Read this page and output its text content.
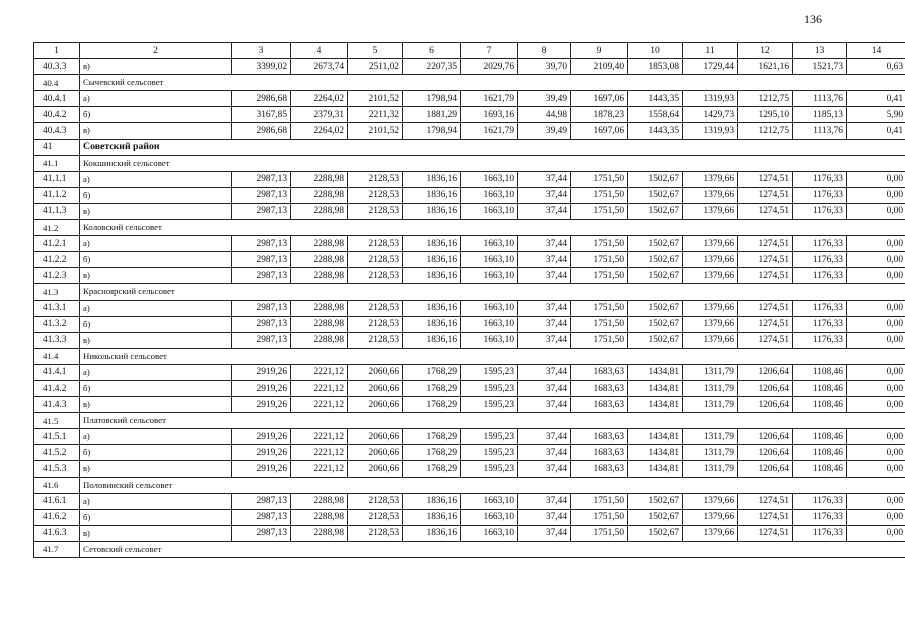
136
1	2	3	4	5	6	7	8	9	10	11	12	13	14
40.3.3	в)	3399,02	2673,74	2511,02	2207,35	2029,76	39,70	2109,40	1853,08	1729,44	1621,16	1521,73	0,63
40.4	Сычевский сельсовет												
40.4.1	а)	2986,68	2264,02	2101,52	1798,94	1621,79	39,49	1697,06	1443,35	1319,93	1212,75	1113,76	0,41
40.4.2	б)	3167,85	2379,31	2211,32	1881,29	1693,16	44,98	1878,23	1558,64	1429,73	1295,10	1185,13	5,90
40.4.3	в)	2986,68	2264,02	2101,52	1798,94	1621,79	39,49	1697,06	1443,35	1319,93	1212,75	1113,76	0,41
41	Советский район												
41.1	Кокшинский сельсовет												
41.1.1	а)	2987,13	2288,98	2128,53	1836,16	1663,10	37,44	1751,50	1502,67	1379,66	1274,51	1176,33	0,00
41.1.2	б)	2987,13	2288,98	2128,53	1836,16	1663,10	37,44	1751,50	1502,67	1379,66	1274,51	1176,33	0,00
41.1.3	в)	2987,13	2288,98	2128,53	1836,16	1663,10	37,44	1751,50	1502,67	1379,66	1274,51	1176,33	0,00
41.2	Коловский сельсовет												
41.2.1	а)	2987,13	2288,98	2128,53	1836,16	1663,10	37,44	1751,50	1502,67	1379,66	1274,51	1176,33	0,00
41.2.2	б)	2987,13	2288,98	2128,53	1836,16	1663,10	37,44	1751,50	1502,67	1379,66	1274,51	1176,33	0,00
41.2.3	в)	2987,13	2288,98	2128,53	1836,16	1663,10	37,44	1751,50	1502,67	1379,66	1274,51	1176,33	0,00
41.3	Красноярский сельсовет												
41.3.1	а)	2987,13	2288,98	2128,53	1836,16	1663,10	37,44	1751,50	1502,67	1379,66	1274,51	1176,33	0,00
41.3.2	б)	2987,13	2288,98	2128,53	1836,16	1663,10	37,44	1751,50	1502,67	1379,66	1274,51	1176,33	0,00
41.3.3	в)	2987,13	2288,98	2128,53	1836,16	1663,10	37,44	1751,50	1502,67	1379,66	1274,51	1176,33	0,00
41.4	Никольский сельсовет												
41.4.1	а)	2919,26	2221,12	2060,66	1768,29	1595,23	37,44	1683,63	1434,81	1311,79	1206,64	1108,46	0,00
41.4.2	б)	2919,26	2221,12	2060,66	1768,29	1595,23	37,44	1683,63	1434,81	1311,79	1206,64	1108,46	0,00
41.4.3	в)	2919,26	2221,12	2060,66	1768,29	1595,23	37,44	1683,63	1434,81	1311,79	1206,64	1108,46	0,00
41.5	Платовский сельсовет												
41.5.1	а)	2919,26	2221,12	2060,66	1768,29	1595,23	37,44	1683,63	1434,81	1311,79	1206,64	1108,46	0,00
41.5.2	б)	2919,26	2221,12	2060,66	1768,29	1595,23	37,44	1683,63	1434,81	1311,79	1206,64	1108,46	0,00
41.5.3	в)	2919,26	2221,12	2060,66	1768,29	1595,23	37,44	1683,63	1434,81	1311,79	1206,64	1108,46	0,00
41.6	Половинский сельсовет												
41.6.1	а)	2987,13	2288,98	2128,53	1836,16	1663,10	37,44	1751,50	1502,67	1379,66	1274,51	1176,33	0,00
41.6.2	б)	2987,13	2288,98	2128,53	1836,16	1663,10	37,44	1751,50	1502,67	1379,66	1274,51	1176,33	0,00
41.6.3	в)	2987,13	2288,98	2128,53	1836,16	1663,10	37,44	1751,50	1502,67	1379,66	1274,51	1176,33	0,00
41.7	Сетовский сельсовет												
